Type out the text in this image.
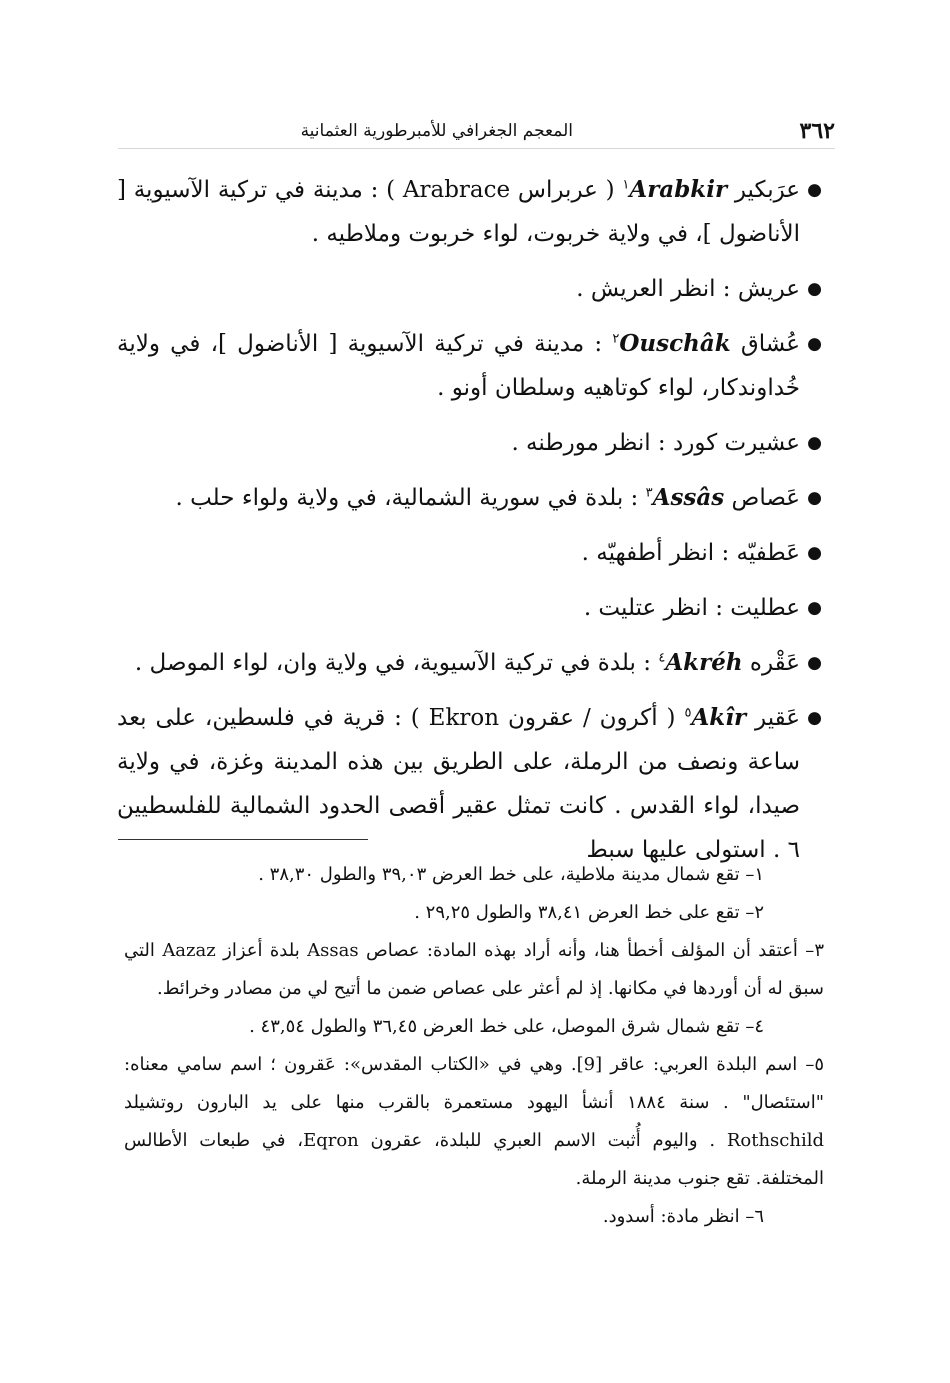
٣٦٢
المعجم الجغرافي للأمبرطورية العثمانية
●
عرَبكير Arabkir$^١$ ( عربراس Arabrace ) : مدينة في تركية الآسيوية [ الأناضول ]، في ولاية خربوت، لواء خربوت وملاطيه .
●
عريش : انظر العريش .
●
عُشاق Ouschâk$^٢$ : مدينة في تركية الآسيوية [ الأناضول ]، في ولاية خُداوندكار، لواء كوتاهيه وسلطان أونو .
●
عشيرت كورد : انظر مورطنه .
●
عَصاص Assâs$^٣$ : بلدة في سورية الشمالية، في ولاية ولواء حلب .
●
عَطفيّه : انظر أطفهيّه .
●
عطليت : انظر عتليت .
●
عَقْره Akréh$^٤$ : بلدة في تركية الآسيوية، في ولاية وان، لواء الموصل .
●
عَقير Akîr$^٥$ ( أكرون / عقرون Ekron ) : قرية في فلسطين، على بعد ساعة ونصف من الرملة، على الطريق بين هذه المدينة وغزة، في ولاية صيدا، لواء القدس . كانت تمثل عقير أقصى الحدود الشمالية للفلسطيين ٦ . استولى عليها سبط
١– تقع شمال مدينة ملاطية، على خط العرض ٣٩,٠٣ والطول ٣٨,٣٠ .
٢– تقع على خط العرض ٣٨,٤١ والطول ٢٩,٢٥ .
٣– أعتقد أن المؤلف أخطأ هنا، وأنه أراد بهذه المادة: عصاص Assas بلدة أعزاز Aazaz التي سبق له أن أوردها في مكانها. إذ لم أعثر على عصاص ضمن ما أتيح لي من مصادر وخرائط.
٤– تقع شمال شرق الموصل، على خط العرض ٣٦,٤٥ والطول ٤٣,٥٤ .
٥– اسم البلدة العربي: عاقر [9]. وهي في «الكتاب المقدس»: عَقرون ؛ اسم سامي معناه: "استئصال" . سنة ١٨٨٤ أنشأ اليهود مستعمرة بالقرب منها على يد البارون روتشيلد Rothschild . واليوم أُثبت الاسم العبري للبلدة، عقرون Eqron، في طبعات الأطالس المختلفة. تقع جنوب مدينة الرملة.
٦– انظر مادة: أسدود.
